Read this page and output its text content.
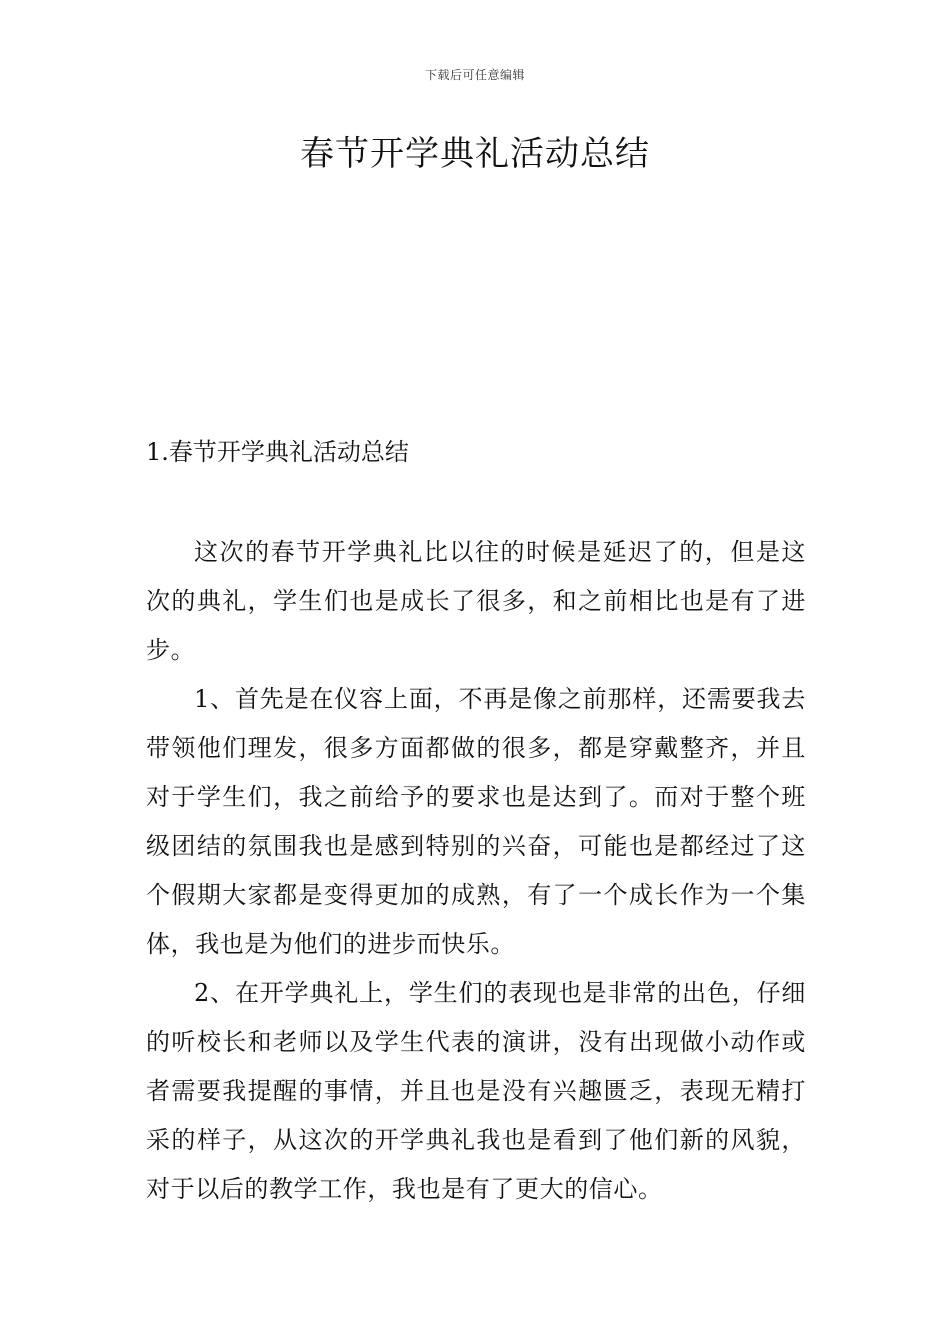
下载后可任意编辑
春节开学典礼活动总结

1.春节开学典礼活动总结

这次的春节开学典礼比以往的时候是延迟了的，但是这次的典礼，学生们也是成长了很多，和之前相比也是有了进步。

1、首先是在仪容上面，不再是像之前那样，还需要我去带领他们理发，很多方面都做的很多，都是穿戴整齐，并且对于学生们，我之前给予的要求也是达到了。而对于整个班级团结的氛围我也是感到特别的兴奋，可能也是都经过了这个假期大家都是变得更加的成熟，有了一个成长作为一个集体，我也是为他们的进步而快乐。

2、在开学典礼上，学生们的表现也是非常的出色，仔细的听校长和老师以及学生代表的演讲，没有出现做小动作或者需要我提醒的事情，并且也是没有兴趣匮乏，表现无精打采的样子，从这次的开学典礼我也是看到了他们新的风貌，对于以后的教学工作，我也是有了更大的信心。
